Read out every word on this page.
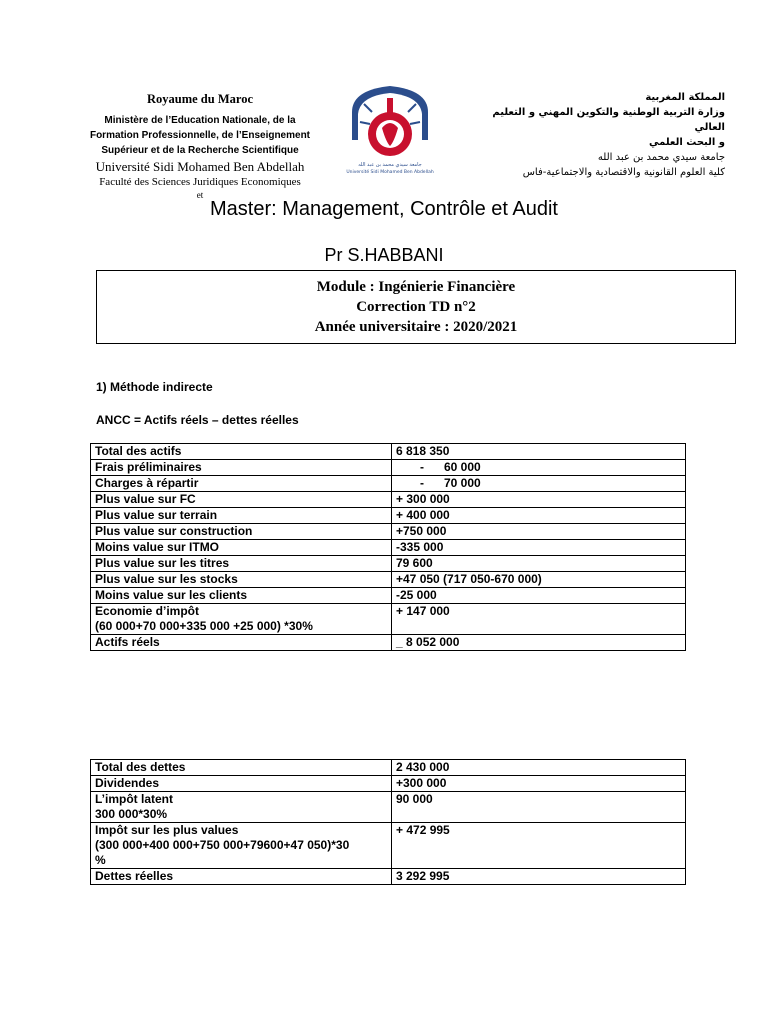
Royaume du Maroc
Ministère de l’Education Nationale, de la
Formation Professionnelle, de l’Enseignement
Supérieur et de la Recherche Scientifique
Université Sidi Mohamed Ben Abdellah
Faculté des Sciences Juridiques Economiques
et
جامعة سيدي محمد بن عبد الله
Université Sidi Mohamed Ben Abdellah
المملكة المغربية
وزارة التربية الوطنية والتكوين المهني و التعليم العالي
و البحث العلمي
جامعة سيدي محمد بن عبد الله
كلية العلوم القانونية والاقتصادية والاجتماعية-فاس
Master: Management, Contrôle et Audit
Pr S.HABBANI
Module : Ingénierie Financière
Correction TD n°2
Année universitaire : 2020/2021
1) Méthode indirecte
ANCC = Actifs réels – dettes réelles
Total des actifs	6 818 350
Frais préliminaires	-      60 000
Charges à répartir	-      70 000
Plus value sur FC	+ 300 000
Plus value sur terrain	+ 400 000
Plus value sur construction	+750 000
Moins value sur ITMO	-335 000
Plus value sur les titres	79 600
Plus value sur les stocks	+47 050 (717 050-670 000)
Moins value sur les clients	-25 000

Economie d’impôt
(60 000+70 000+335 000 +25 000) *30%	+ 147 000
Actifs réels	_ 8 052 000
Total des dettes	2 430 000
Dividendes	+300 000

L’impôt latent
300 000*30%	90 000

Impôt sur les plus values
(300 000+400 000+750 000+79600+47 050)*30
%	+ 472 995
Dettes réelles	3 292 995
